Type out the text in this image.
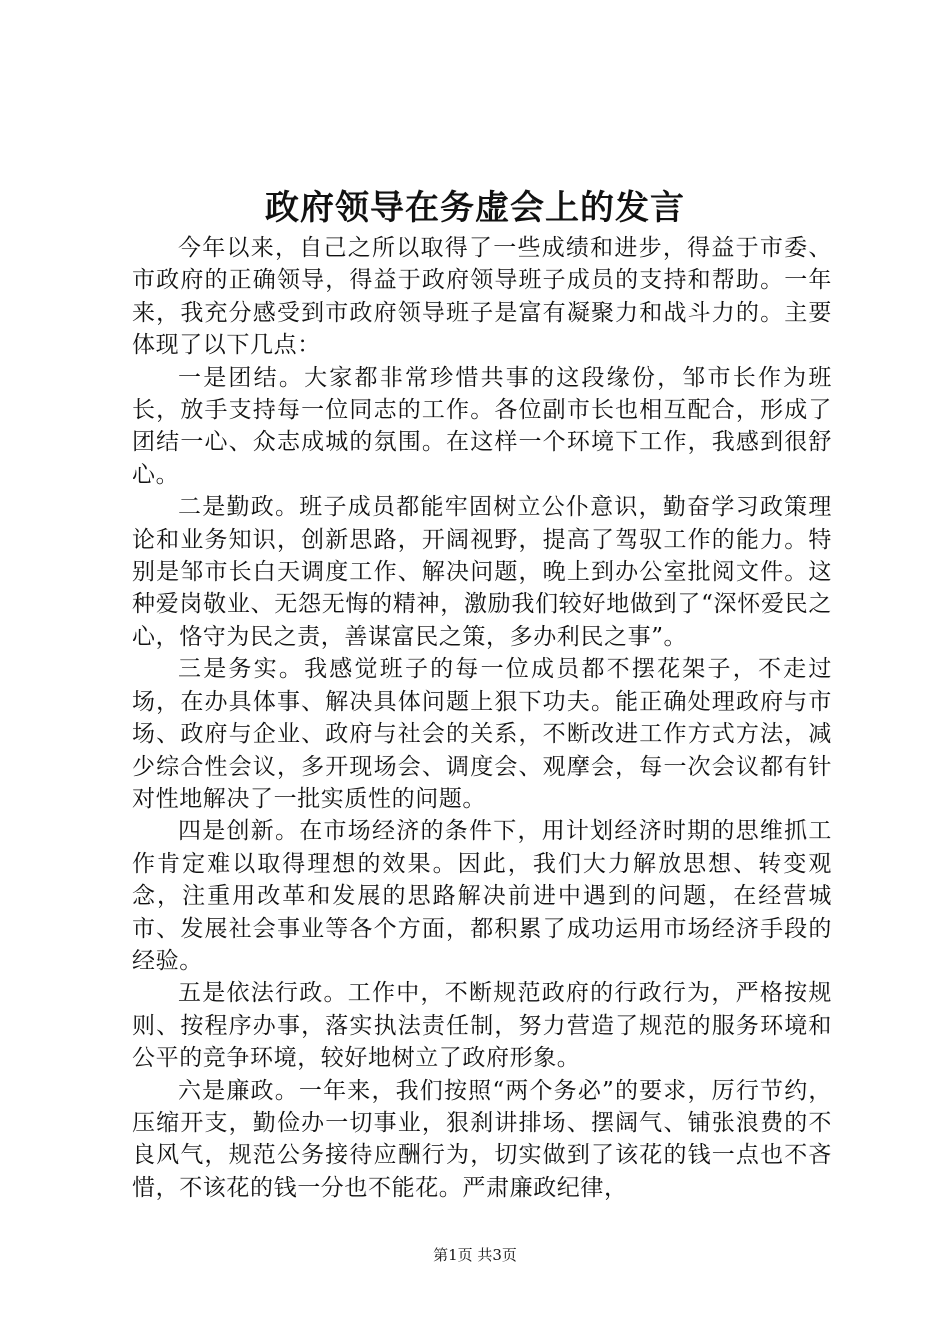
政府领导在务虚会上的发言

今年以来，自己之所以取得了一些成绩和进步，得益于市委、市政府的正确领导，得益于政府领导班子成员的支持和帮助。一年来，我充分感受到市政府领导班子是富有凝聚力和战斗力的。主要体现了以下几点：

一是团结。大家都非常珍惜共事的这段缘份，邹市长作为班长，放手支持每一位同志的工作。各位副市长也相互配合，形成了团结一心、众志成城的氛围。在这样一个环境下工作，我感到很舒心。

二是勤政。班子成员都能牢固树立公仆意识，勤奋学习政策理论和业务知识，创新思路，开阔视野，提高了驾驭工作的能力。特别是邹市长白天调度工作、解决问题，晚上到办公室批阅文件。这种爱岗敬业、无怨无悔的精神，激励我们较好地做到了“深怀爱民之心，恪守为民之责，善谋富民之策，多办利民之事”。

三是务实。我感觉班子的每一位成员都不摆花架子，不走过场，在办具体事、解决具体问题上狠下功夫。能正确处理政府与市场、政府与企业、政府与社会的关系，不断改进工作方式方法，减少综合性会议，多开现场会、调度会、观摩会，每一次会议都有针对性地解决了一批实质性的问题。

四是创新。在市场经济的条件下，用计划经济时期的思维抓工作肯定难以取得理想的效果。因此，我们大力解放思想、转变观念，注重用改革和发展的思路解决前进中遇到的问题，在经营城市、发展社会事业等各个方面，都积累了成功运用市场经济手段的经验。

五是依法行政。工作中，不断规范政府的行政行为，严格按规则、按程序办事，落实执法责任制，努力营造了规范的服务环境和公平的竞争环境，较好地树立了政府形象。

六是廉政。一年来，我们按照“两个务必”的要求，厉行节约，压缩开支，勤俭办一切事业，狠刹讲排场、摆阔气、铺张浪费的不良风气，规范公务接待应酬行为，切实做到了该花的钱一点也不吝惜，不该花的钱一分也不能花。严肃廉政纪律，

第1页 共3页
